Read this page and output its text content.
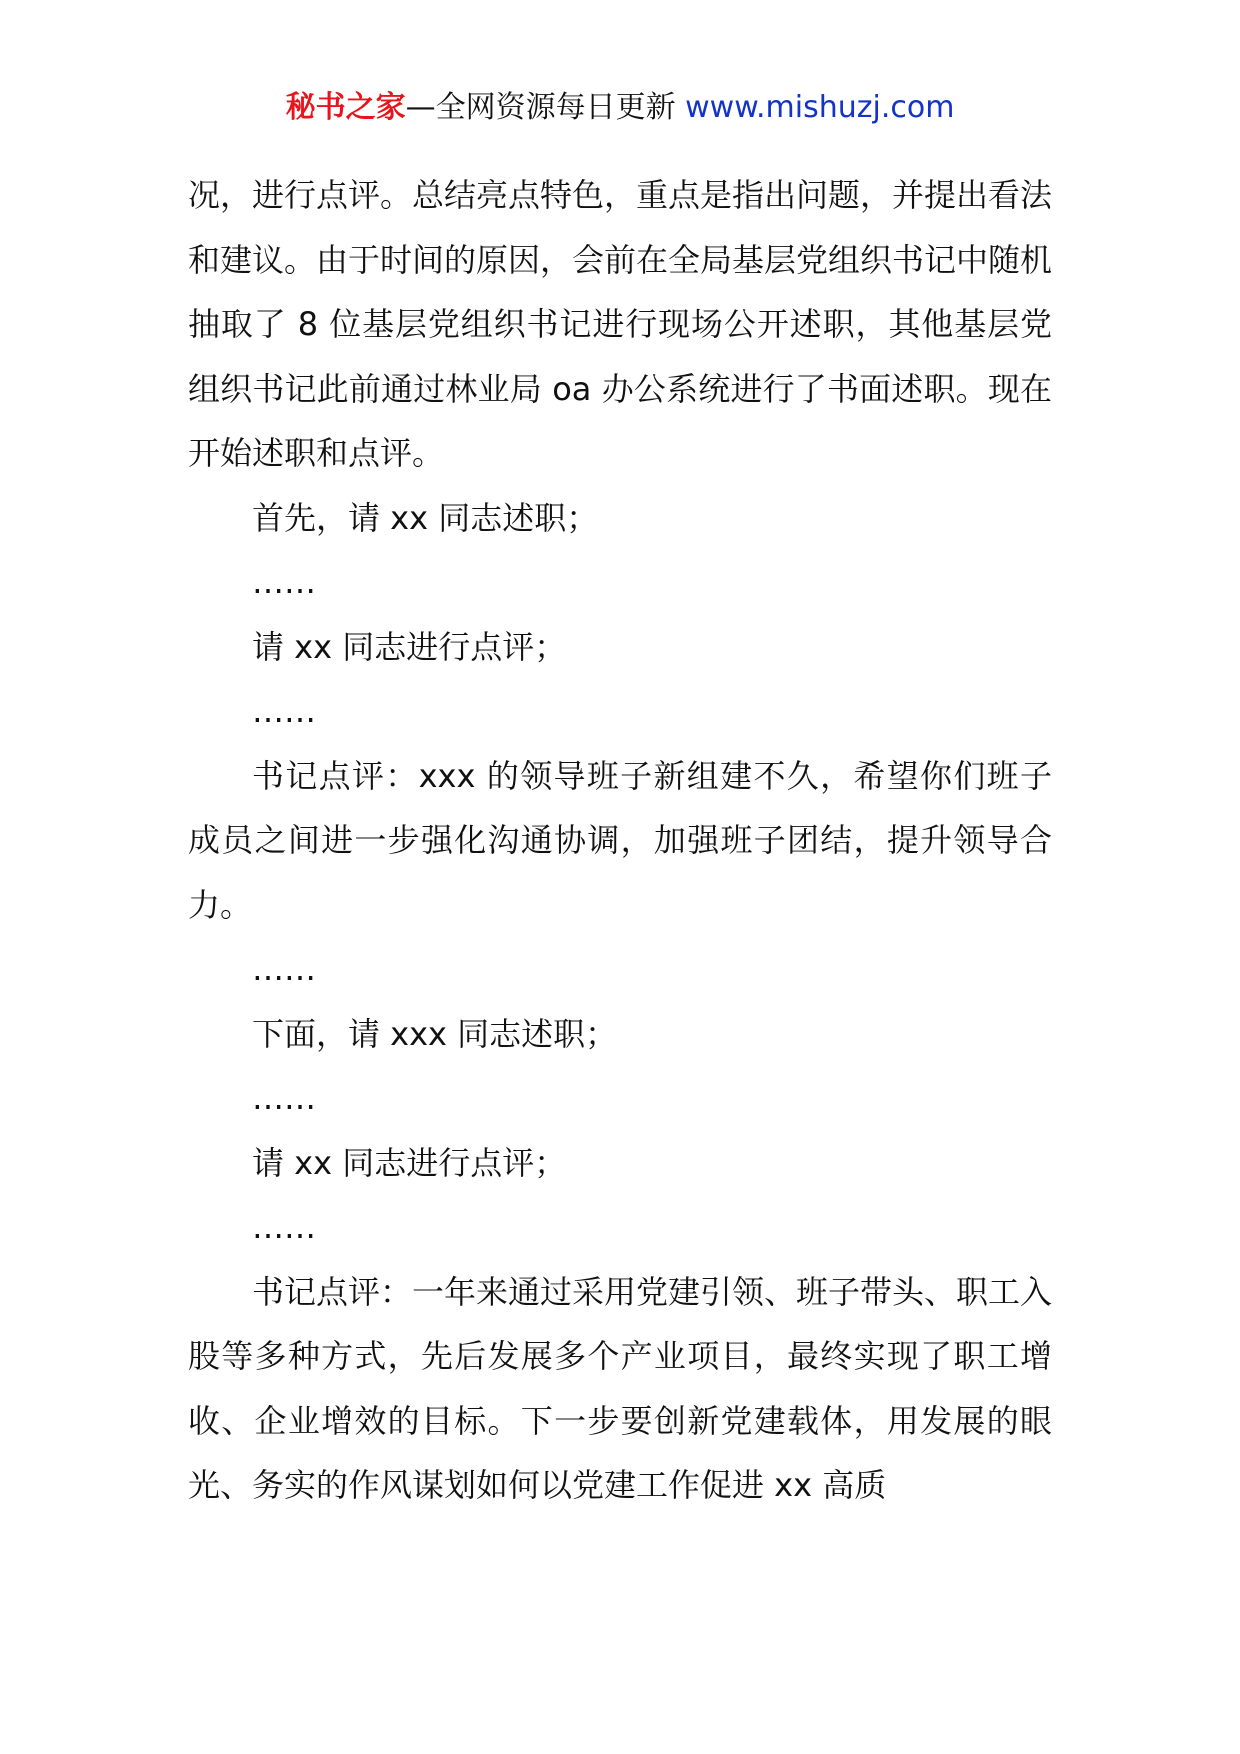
秘书之家—全网资源每日更新 www.mishuzj.com

况，进行点评。总结亮点特色，重点是指出问题，并提出看法和建议。由于时间的原因，会前在全局基层党组织书记中随机抽取了 8 位基层党组织书记进行现场公开述职，其他基层党组织书记此前通过林业局 oa 办公系统进行了书面述职。现在开始述职和点评。

首先，请 xx 同志述职；

……

请 xx 同志进行点评；

……

书记点评：xxx 的领导班子新组建不久，希望你们班子成员之间进一步强化沟通协调，加强班子团结，提升领导合力。

……

下面，请 xxx 同志述职；

……

请 xx 同志进行点评；

……

书记点评：一年来通过采用党建引领、班子带头、职工入股等多种方式，先后发展多个产业项目，最终实现了职工增收、企业增效的目标。下一步要创新党建载体，用发展的眼光、务实的作风谋划如何以党建工作促进 xx 高质
